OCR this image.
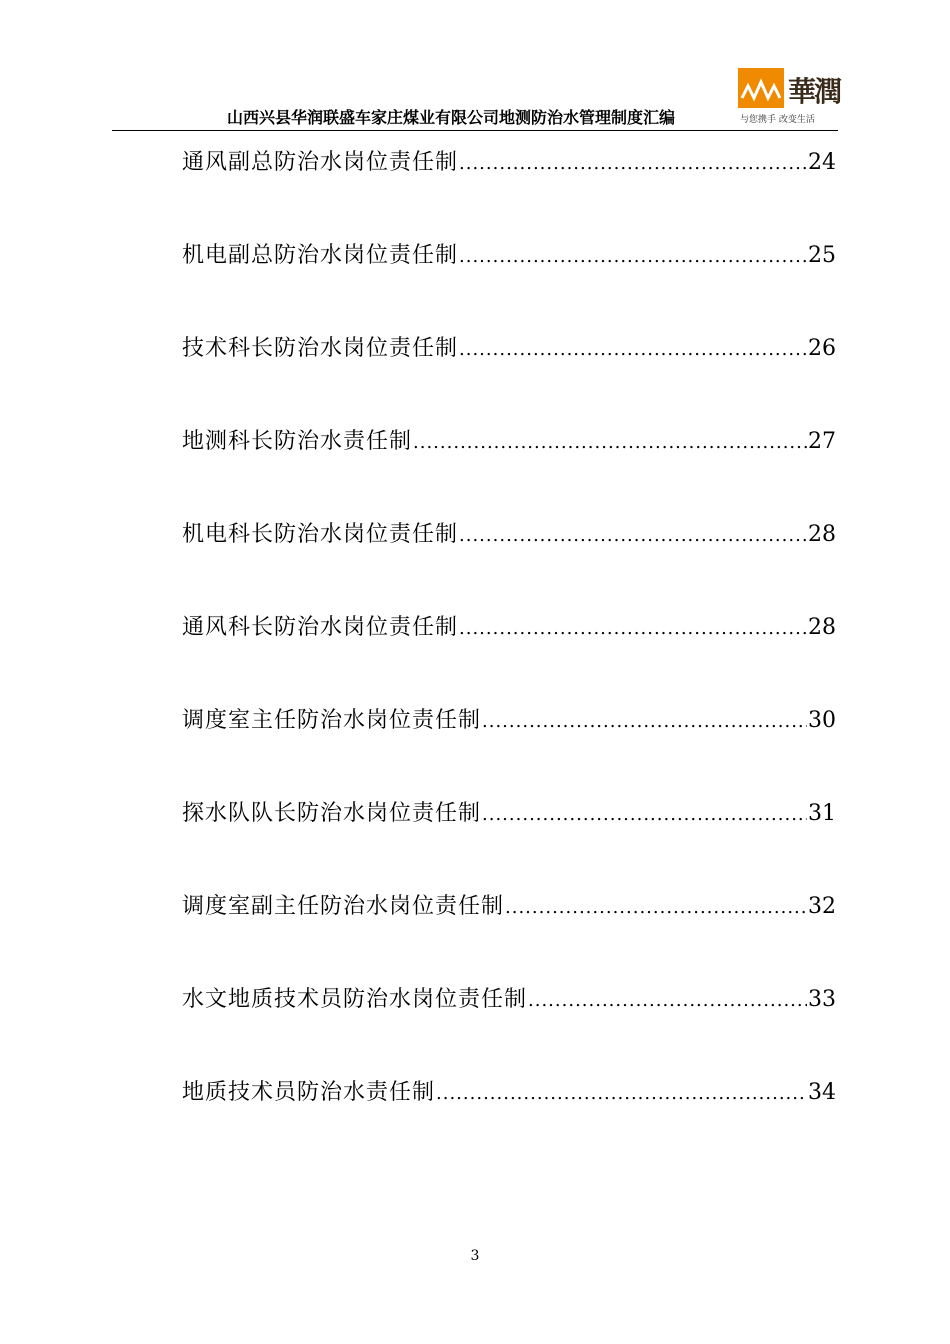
山西兴县华润联盛车家庄煤业有限公司地测防治水管理制度汇编
華潤
与您携手 改变生活
通风副总防治水岗位责任制 .....	24
机电副总防治水岗位责任制 .....	25
技术科长防治水岗位责任制 .....	26
地测科长防治水责任制 .....	27
机电科长防治水岗位责任制 .....	28
通风科长防治水岗位责任制 .....	28
调度室主任防治水岗位责任制 .....	30
探水队队长防治水岗位责任制 .....	31
调度室副主任防治水岗位责任制 .....	32
水文地质技术员防治水岗位责任制 .....	33
地质技术员防治水责任制 .....	34
3
